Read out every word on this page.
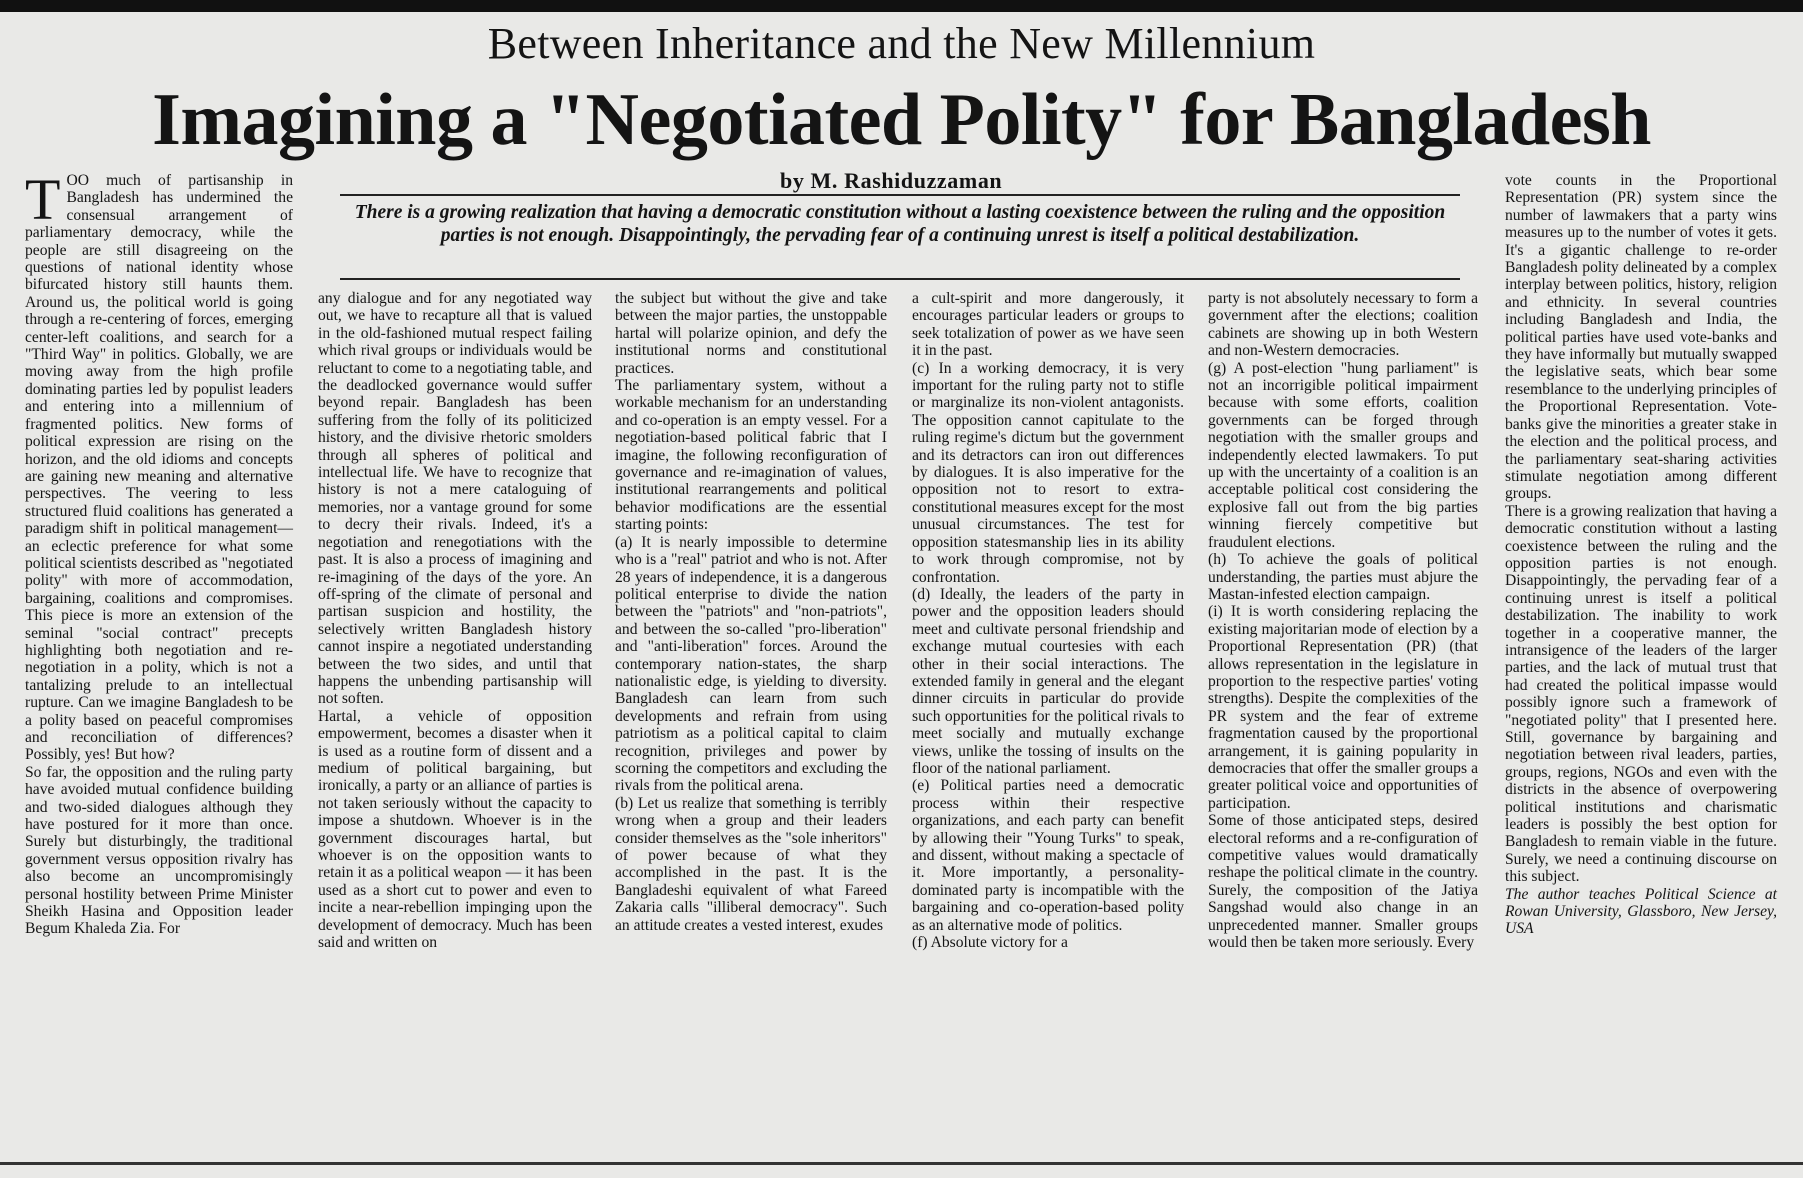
Between Inheritance and the New Millennium
Imagining a "Negotiated Polity" for Bangladesh
by M. Rashiduzzaman
There is a growing realization that having a democratic constitution without a lasting coexistence between the ruling and the opposition parties is not enough. Disappointingly, the pervading fear of a continuing unrest is itself a political destabilization.
TOO much of partisanship in Bangladesh has undermined the consensual arrangement of parliamentary democracy, while the people are still disagreeing on the questions of national identity whose bifurcated history still haunts them. Around us, the political world is going through a re-centering of forces, emerging center-left coalitions, and search for a "Third Way" in politics. Globally, we are moving away from the high profile dominating parties led by populist leaders and entering into a millennium of fragmented politics. New forms of political expression are rising on the horizon, and the old idioms and concepts are gaining new meaning and alternative perspectives. The veering to less structured fluid coalitions has generated a paradigm shift in political management—an eclectic preference for what some political scientists described as "negotiated polity" with more of accommodation, bargaining, coalitions and compromises. This piece is more an extension of the seminal "social contract" precepts highlighting both negotiation and re-negotiation in a polity, which is not a tantalizing prelude to an intellectual rupture. Can we imagine Bangladesh to be a polity based on peaceful compromises and reconciliation of differences? Possibly, yes! But how?
So far, the opposition and the ruling party have avoided mutual confidence building and two-sided dialogues although they have postured for it more than once. Surely but disturbingly, the traditional government versus opposition rivalry has also become an uncompromisingly personal hostility between Prime Minister Sheikh Hasina and Opposition leader Begum Khaleda Zia. For
any dialogue and for any negotiated way out, we have to recapture all that is valued in the old-fashioned mutual respect failing which rival groups or individuals would be reluctant to come to a negotiating table, and the deadlocked governance would suffer beyond repair. Bangladesh has been suffering from the folly of its politicized history, and the divisive rhetoric smolders through all spheres of political and intellectual life. We have to recognize that history is not a mere cataloguing of memories, nor a vantage ground for some to decry their rivals. Indeed, it's a negotiation and renegotiations with the past. It is also a process of imagining and re-imagining of the days of the yore. An off-spring of the climate of personal and partisan suspicion and hostility, the selectively written Bangladesh history cannot inspire a negotiated understanding between the two sides, and until that happens the unbending partisanship will not soften.
Hartal, a vehicle of opposition empowerment, becomes a disaster when it is used as a routine form of dissent and a medium of political bargaining, but ironically, a party or an alliance of parties is not taken seriously without the capacity to impose a shutdown. Whoever is in the government discourages hartal, but whoever is on the opposition wants to retain it as a political weapon — it has been used as a short cut to power and even to incite a near-rebellion impinging upon the development of democracy. Much has been said and written on
the subject but without the give and take between the major parties, the unstoppable hartal will polarize opinion, and defy the institutional norms and constitutional practices.
The parliamentary system, without a workable mechanism for an understanding and co-operation is an empty vessel. For a negotiation-based political fabric that I imagine, the following reconfiguration of governance and re-imagination of values, institutional rearrangements and political behavior modifications are the essential starting points:
(a) It is nearly impossible to determine who is a "real" patriot and who is not. After 28 years of independence, it is a dangerous political enterprise to divide the nation between the "patriots" and "non-patriots", and between the so-called "pro-liberation" and "anti-liberation" forces. Around the contemporary nation-states, the sharp nationalistic edge, is yielding to diversity. Bangladesh can learn from such developments and refrain from using patriotism as a political capital to claim recognition, privileges and power by scorning the competitors and excluding the rivals from the political arena.
(b) Let us realize that something is terribly wrong when a group and their leaders consider themselves as the "sole inheritors" of power because of what they accomplished in the past. It is the Bangladeshi equivalent of what Fareed Zakaria calls "illiberal democracy". Such an attitude creates a vested interest, exudes
a cult-spirit and more dangerously, it encourages particular leaders or groups to seek totalization of power as we have seen it in the past.
(c) In a working democracy, it is very important for the ruling party not to stifle or marginalize its non-violent antagonists. The opposition cannot capitulate to the ruling regime's dictum but the government and its detractors can iron out differences by dialogues. It is also imperative for the opposition not to resort to extra-constitutional measures except for the most unusual circumstances. The test for opposition statesmanship lies in its ability to work through compromise, not by confrontation.
(d) Ideally, the leaders of the party in power and the opposition leaders should meet and cultivate personal friendship and exchange mutual courtesies with each other in their social interactions. The extended family in general and the elegant dinner circuits in particular do provide such opportunities for the political rivals to meet socially and mutually exchange views, unlike the tossing of insults on the floor of the national parliament.
(e) Political parties need a democratic process within their respective organizations, and each party can benefit by allowing their "Young Turks" to speak, and dissent, without making a spectacle of it. More importantly, a personality-dominated party is incompatible with the bargaining and co-operation-based polity as an alternative mode of politics.
(f) Absolute victory for a
party is not absolutely necessary to form a government after the elections; coalition cabinets are showing up in both Western and non-Western democracies.
(g) A post-election "hung parliament" is not an incorrigible political impairment because with some efforts, coalition governments can be forged through negotiation with the smaller groups and independently elected lawmakers. To put up with the uncertainty of a coalition is an acceptable political cost considering the explosive fall out from the big parties winning fiercely competitive but fraudulent elections.
(h) To achieve the goals of political understanding, the parties must abjure the Mastan-infested election campaign.
(i) It is worth considering replacing the existing majoritarian mode of election by a Proportional Representation (PR) (that allows representation in the legislature in proportion to the respective parties' voting strengths). Despite the complexities of the PR system and the fear of extreme fragmentation caused by the proportional arrangement, it is gaining popularity in democracies that offer the smaller groups a greater political voice and opportunities of participation.
Some of those anticipated steps, desired electoral reforms and a re-configuration of competitive values would dramatically reshape the political climate in the country. Surely, the composition of the Jatiya Sangshad would also change in an unprecedented manner. Smaller groups would then be taken more seriously. Every
vote counts in the Proportional Representation (PR) system since the number of lawmakers that a party wins measures up to the number of votes it gets. It's a gigantic challenge to re-order Bangladesh polity delineated by a complex interplay between politics, history, religion and ethnicity. In several countries including Bangladesh and India, the political parties have used vote-banks and they have informally but mutually swapped the legislative seats, which bear some resemblance to the underlying principles of the Proportional Representation. Vote-banks give the minorities a greater stake in the election and the political process, and the parliamentary seat-sharing activities stimulate negotiation among different groups.
There is a growing realization that having a democratic constitution without a lasting coexistence between the ruling and the opposition parties is not enough. Disappointingly, the pervading fear of a continuing unrest is itself a political destabilization. The inability to work together in a cooperative manner, the intransigence of the leaders of the larger parties, and the lack of mutual trust that had created the political impasse would possibly ignore such a framework of "negotiated polity" that I presented here. Still, governance by bargaining and negotiation between rival leaders, parties, groups, regions, NGOs and even with the districts in the absence of overpowering political institutions and charismatic leaders is possibly the best option for Bangladesh to remain viable in the future. Surely, we need a continuing discourse on this subject.
The author teaches Political Science at Rowan University, Glassboro, New Jersey, USA
